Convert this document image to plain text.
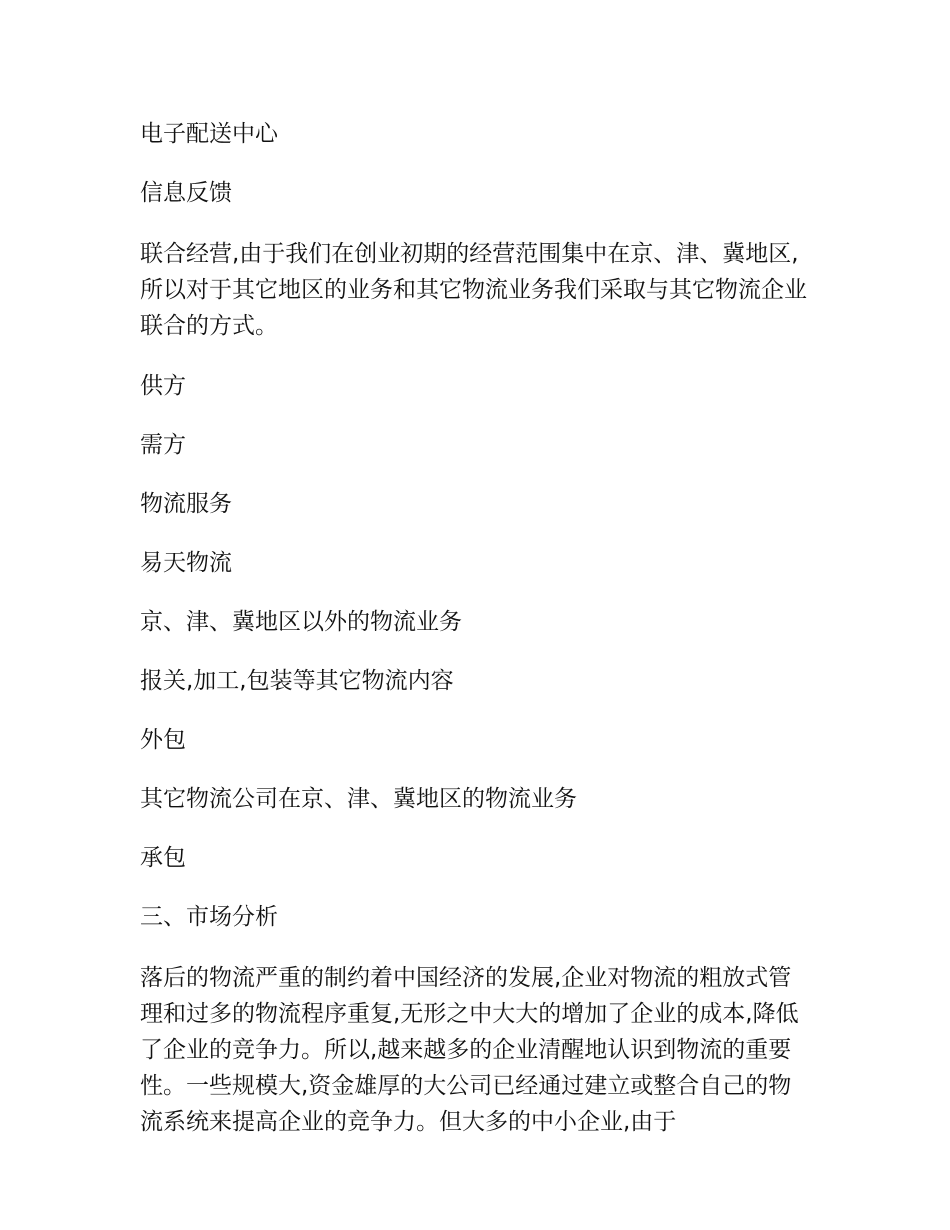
电子配送中心
信息反馈
联合经营,由于我们在创业初期的经营范围集中在京、津、冀地区,所以对于其它地区的业务和其它物流业务我们采取与其它物流企业联合的方式。
供方
需方
物流服务
易天物流
京、津、冀地区以外的物流业务
报关,加工,包装等其它物流内容
外包
其它物流公司在京、津、冀地区的物流业务
承包
三、市场分析
落后的物流严重的制约着中国经济的发展,企业对物流的粗放式管理和过多的物流程序重复,无形之中大大的增加了企业的成本,降低了企业的竞争力。所以,越来越多的企业清醒地认识到物流的重要性。一些规模大,资金雄厚的大公司已经通过建立或整合自己的物流系统来提高企业的竞争力。但大多的中小企业,由于
